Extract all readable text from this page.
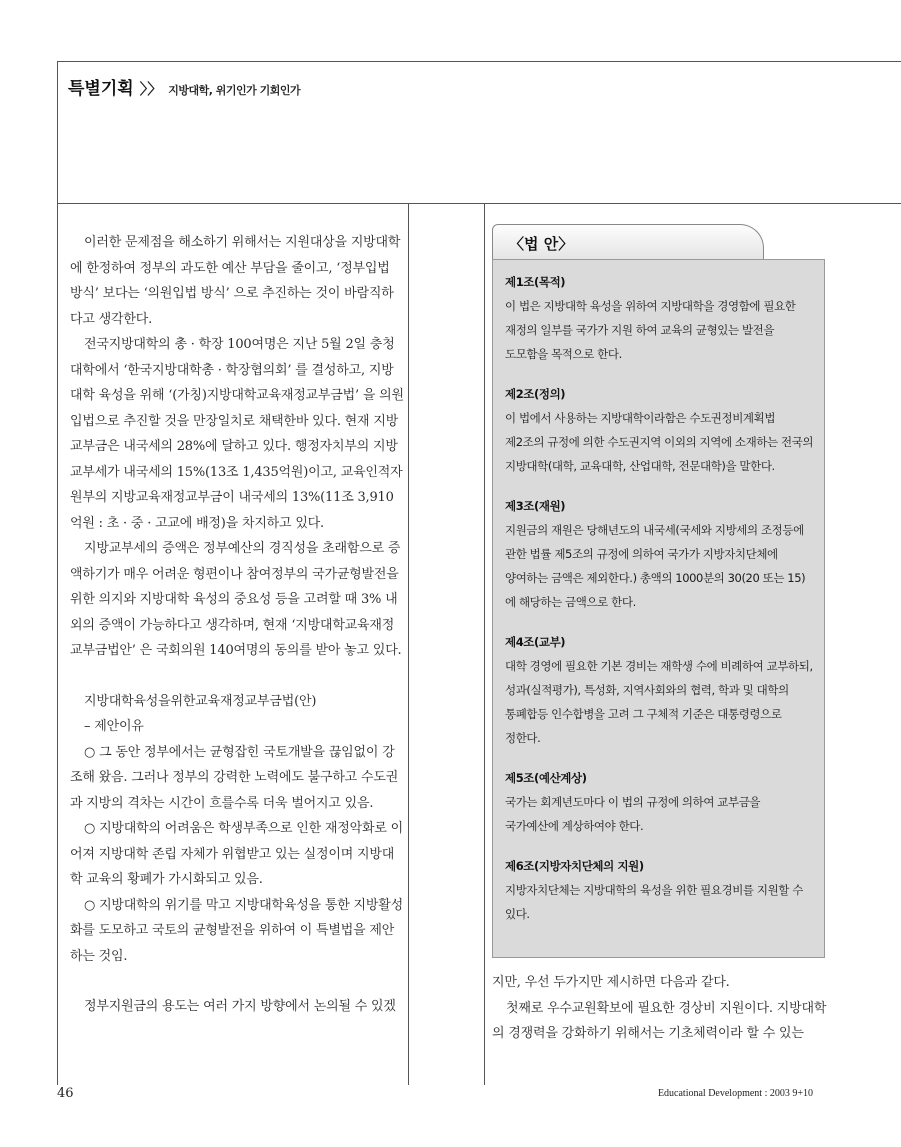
특별기획 〉〉 지방대학, 위기인가 기회인가

이러한 문제점을 해소하기 위해서는 지원대상을 지방대학에 한정하여 정부의 과도한 예산 부담을 줄이고, ‘정부입법 방식’ 보다는 ‘의원입법 방식’ 으로 추진하는 것이 바람직하다고 생각한다.

전국지방대학의 총 · 학장 100여명은 지난 5월 2일 충청대학에서 ‘한국지방대학총 · 학장협의회’ 를 결성하고, 지방대학 육성을 위해 ‘(가칭)지방대학교육재정교부금법’ 을 의원입법으로 추진할 것을 만장일치로 채택한바 있다. 현재 지방교부금은 내국세의 28%에 달하고 있다. 행정자치부의 지방교부세가 내국세의 15%(13조 1,435억원)이고, 교육인적자원부의 지방교육재정교부금이 내국세의 13%(11조 3,910억원 : 초 · 중 · 고교에 배정)을 차지하고 있다.

지방교부세의 증액은 정부예산의 경직성을 초래함으로 증액하기가 매우 어려운 형편이나 참여정부의 국가균형발전을 위한 의지와 지방대학 육성의 중요성 등을 고려할 때 3% 내외의 증액이 가능하다고 생각하며, 현재 ‘지방대학교육재정교부금법안’ 은 국회의원 140여명의 동의를 받아 놓고 있다.

지방대학육성을위한교육재정교부금법(안)

– 제안이유

○ 그 동안 정부에서는 균형잡힌 국토개발을 끊임없이 강조해 왔음. 그러나 정부의 강력한 노력에도 불구하고 수도권과 지방의 격차는 시간이 흐를수록 더욱 벌어지고 있음.

○ 지방대학의 어려움은 학생부족으로 인한 재정악화로 이어져 지방대학 존립 자체가 위협받고 있는 실정이며 지방대학 교육의 황폐가 가시화되고 있음.

○ 지방대학의 위기를 막고 지방대학육성을 통한 지방활성화를 도모하고 국토의 균형발전을 위하여 이 특별법을 제안하는 것임.

정부지원금의 용도는 여러 가지 방향에서 논의될 수 있겠

〈법 안〉
제1조(목적)
이 법은 지방대학 육성을 위하여 지방대학을 경영함에 필요한 재정의 일부를 국가가 지원 하여 교육의 균형있는 발전을 도모함을 목적으로 한다.
제2조(정의)
이 법에서 사용하는 지방대학이라함은 수도권정비계획법 제2조의 규정에 의한 수도권지역 이외의 지역에 소재하는 전국의 지방대학(대학, 교육대학, 산업대학, 전문대학)을 말한다.
제3조(재원)
지원금의 재원은 당해년도의 내국세(국세와 지방세의 조정등에 관한 법률 제5조의 규정에 의하여 국가가 지방자치단체에 양여하는 금액은 제외한다.) 총액의 1000분의 30(20 또는 15)에 해당하는 금액으로 한다.
제4조(교부)
대학 경영에 필요한 기본 경비는 재학생 수에 비례하여 교부하되, 성과(실적평가), 특성화, 지역사회와의 협력, 학과 및 대학의 통폐합등 인수합병을 고려 그 구체적 기준은 대통령령으로 정한다.
제5조(예산계상)
국가는 회계년도마다 이 법의 규정에 의하여 교부금을 국가예산에 계상하여야 한다.
제6조(지방자치단체의 지원)
지방자치단체는 지방대학의 육성을 위한 필요경비를 지원할 수 있다.

지만, 우선 두가지만 제시하면 다음과 같다.

첫째로 우수교원확보에 필요한 경상비 지원이다. 지방대학의 경쟁력을 강화하기 위해서는 기초체력이라 할 수 있는

46	Educational Development : 2003 9+10
